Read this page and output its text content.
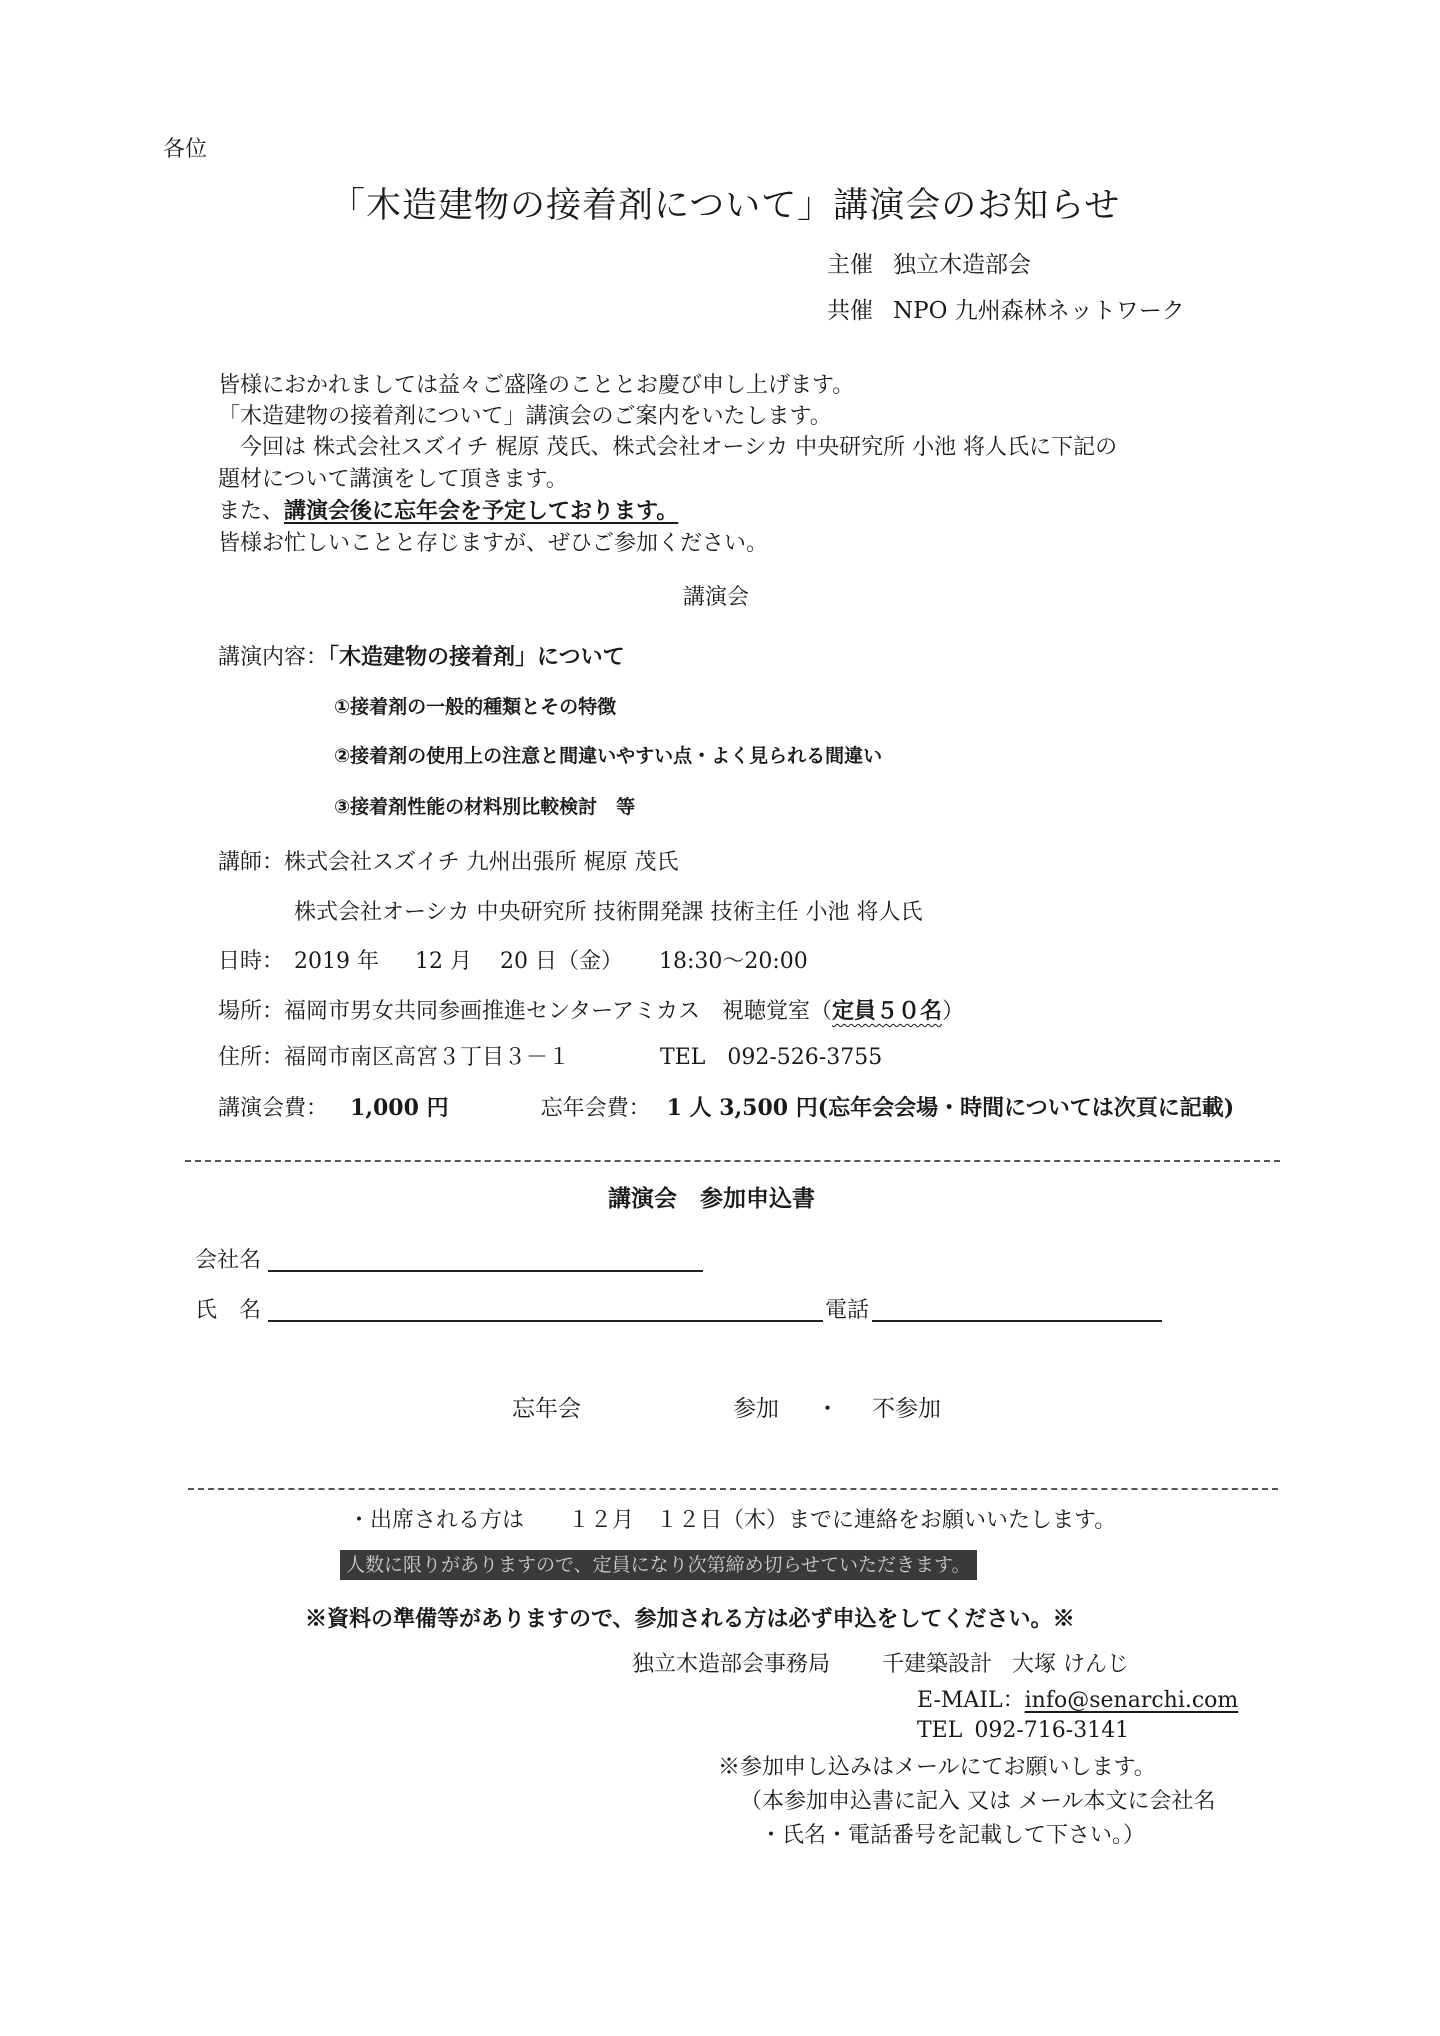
各位
「木造建物の接着剤について」講演会のお知らせ
主催 独立木造部会
共催 NPO 九州森林ネットワーク
皆様におかれましては益々ご盛隆のこととお慶び申し上げます。
「木造建物の接着剤について」講演会のご案内をいたします。
今回は 株式会社スズイチ 梶原 茂氏、株式会社オーシカ 中央研究所 小池 将人氏に下記の
題材について講演をして頂きます。
また、講演会後に忘年会を予定しております。
皆様お忙しいことと存じますが、ぜひご参加ください。
講演会
講演内容：「木造建物の接着剤」について
①接着剤の一般的種類とその特徴
②接着剤の使用上の注意と間違いやすい点・よく見られる間違い
③接着剤性能の材料別比較検討　等
講師：株式会社スズイチ 九州出張所 梶原 茂氏
株式会社オーシカ 中央研究所 技術開発課 技術主任 小池 将人氏
日時： 2019 年 12 月 20 日（金） 18:30～20:00
場所：福岡市男女共同参画推進センターアミカス　視聴覚室（定員５０名）
住所：福岡市南区高宮３丁目３－１	TEL 092-526-3755
講演会費： 1,000 円	忘年会費： 1 人 3,500 円(忘年会会場・時間については次頁に記載)
講演会　参加申込書
会社名
氏　名	電話
忘年会	参加 ・ 不参加
・出席される方は　　１２月　１２日（木）までに連絡をお願いいたします。
人数に限りがありますので、定員になり次第締め切らせていただきます。
※資料の準備等がありますので、参加される方は必ず申込をしてください。※
独立木造部会事務局 千建築設計 大塚 けんじ
E-MAIL：info@senarchi.com
TEL 092-716-3141
※参加申し込みはメールにてお願いします。
（本参加申込書に記入 又は メール本文に会社名
・氏名・電話番号を記載して下さい。）
